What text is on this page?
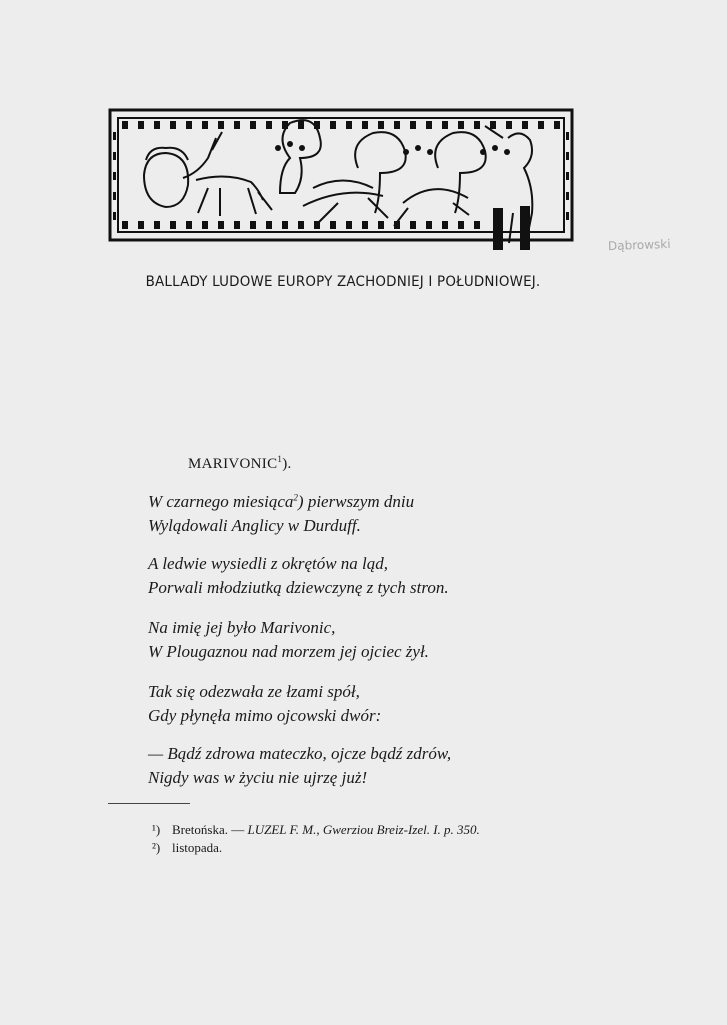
Dąbrowski
BALLADY LUDOWE EUROPY ZACHODNIEJ I POŁUDNIOWEJ.
MARIVONIC$^1$).
W czarnego miesiąca$^2$) pierwszym dniu
Wylądowali Anglicy w Durduff.
A ledwie wysiedli z okrętów na ląd,
Porwali młodziutką dziewczynę z tych stron.
Na imię jej było Marivonic,
W Plougaznou nad morzem jej ojciec żył.
Tak się odezwała ze łzami spół,
Gdy płynęła mimo ojcowski dwór:
— Bądź zdrowa mateczko, ojcze bądź zdrów,
Nigdy was w życiu nie ujrzę już!
¹) Bretońska. — LUZEL F. M., Gwerziou Breiz-Izel. I. p. 350.
²) listopada.
